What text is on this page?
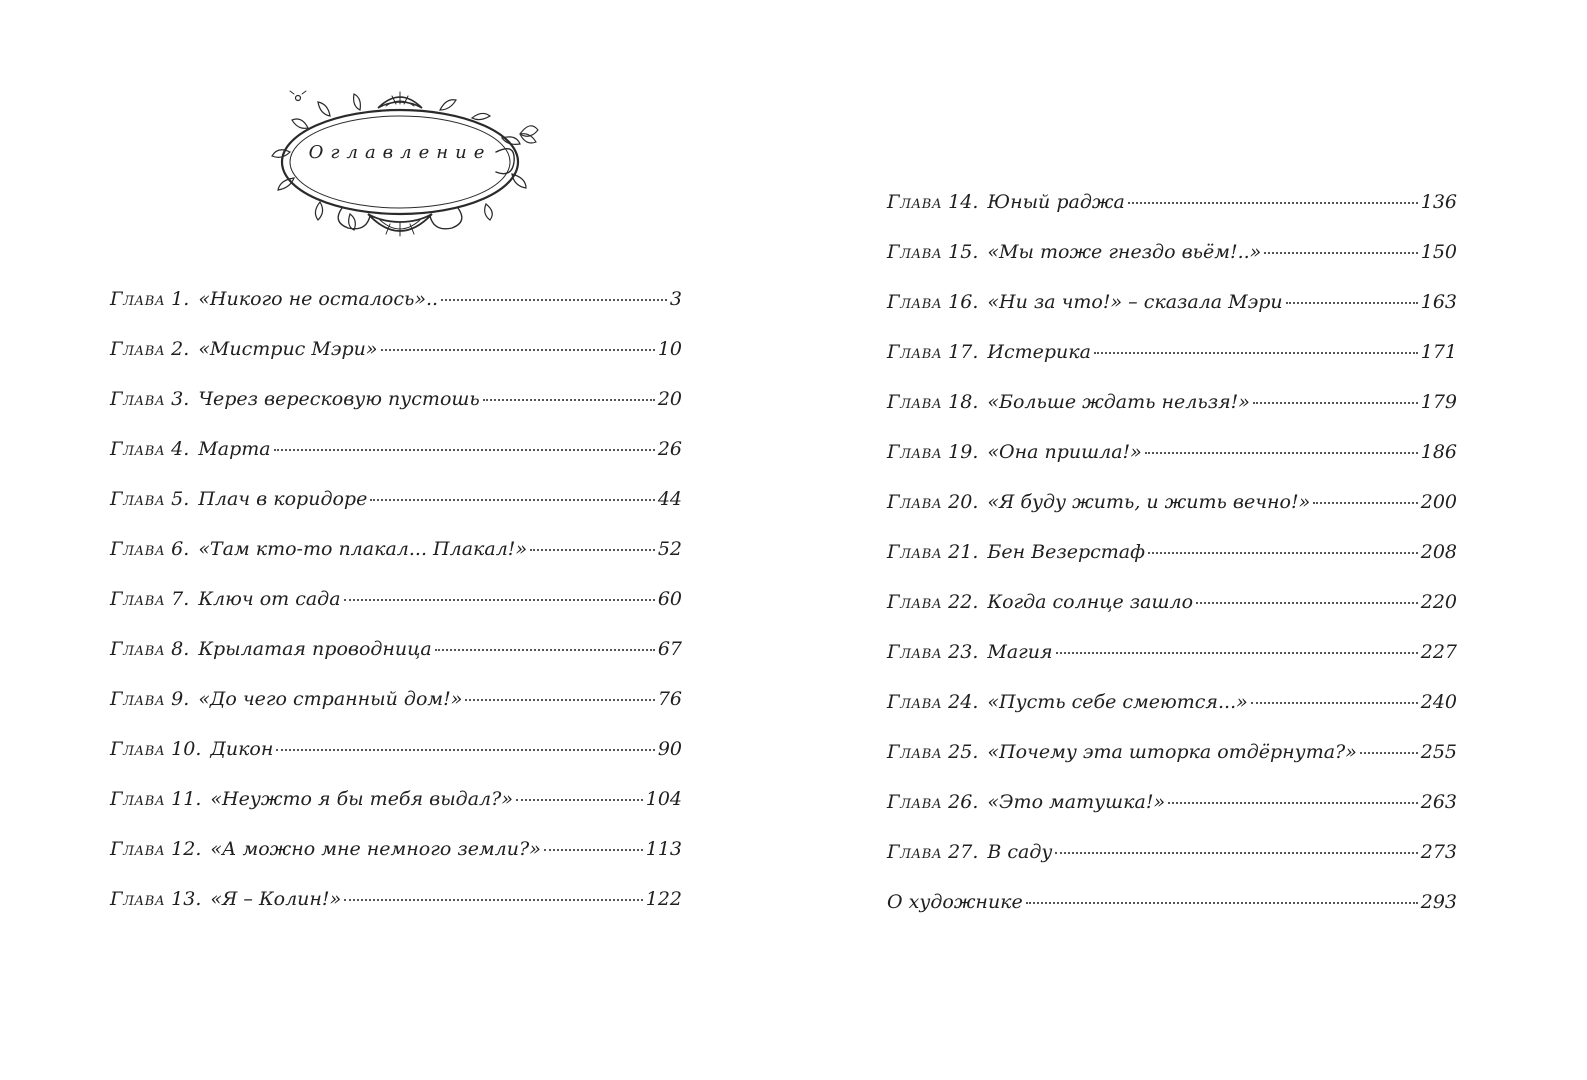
Оглавление
Глава 1. «Никого не осталось»..	3
Глава 2. «Мистрис Мэри»	10
Глава 3. Через вересковую пустошь	20
Глава 4. Марта	26
Глава 5. Плач в коридоре	44
Глава 6. «Там кто-то плакал... Плакал!»	52
Глава 7. Ключ от сада	60
Глава 8. Крылатая проводница	67
Глава 9. «До чего странный дом!»	76
Глава 10. Дикон	90
Глава 11. «Неужто я бы тебя выдал?»	104
Глава 12. «А можно мне немного земли?»	113
Глава 13. «Я – Колин!»	122
Глава 14. Юный раджа	136
Глава 15. «Мы тоже гнездо вьём!..»	150
Глава 16. «Ни за что!» – сказала Мэри	163
Глава 17. Истерика	171
Глава 18. «Больше ждать нельзя!»	179
Глава 19. «Она пришла!»	186
Глава 20. «Я буду жить, и жить вечно!»	200
Глава 21. Бен Везерстаф	208
Глава 22. Когда солнце зашло	220
Глава 23. Магия	227
Глава 24. «Пусть себе смеются...»	240
Глава 25. «Почему эта шторка отдёрнута?»	255
Глава 26. «Это матушка!»	263
Глава 27. В саду	273
О художнике	293
